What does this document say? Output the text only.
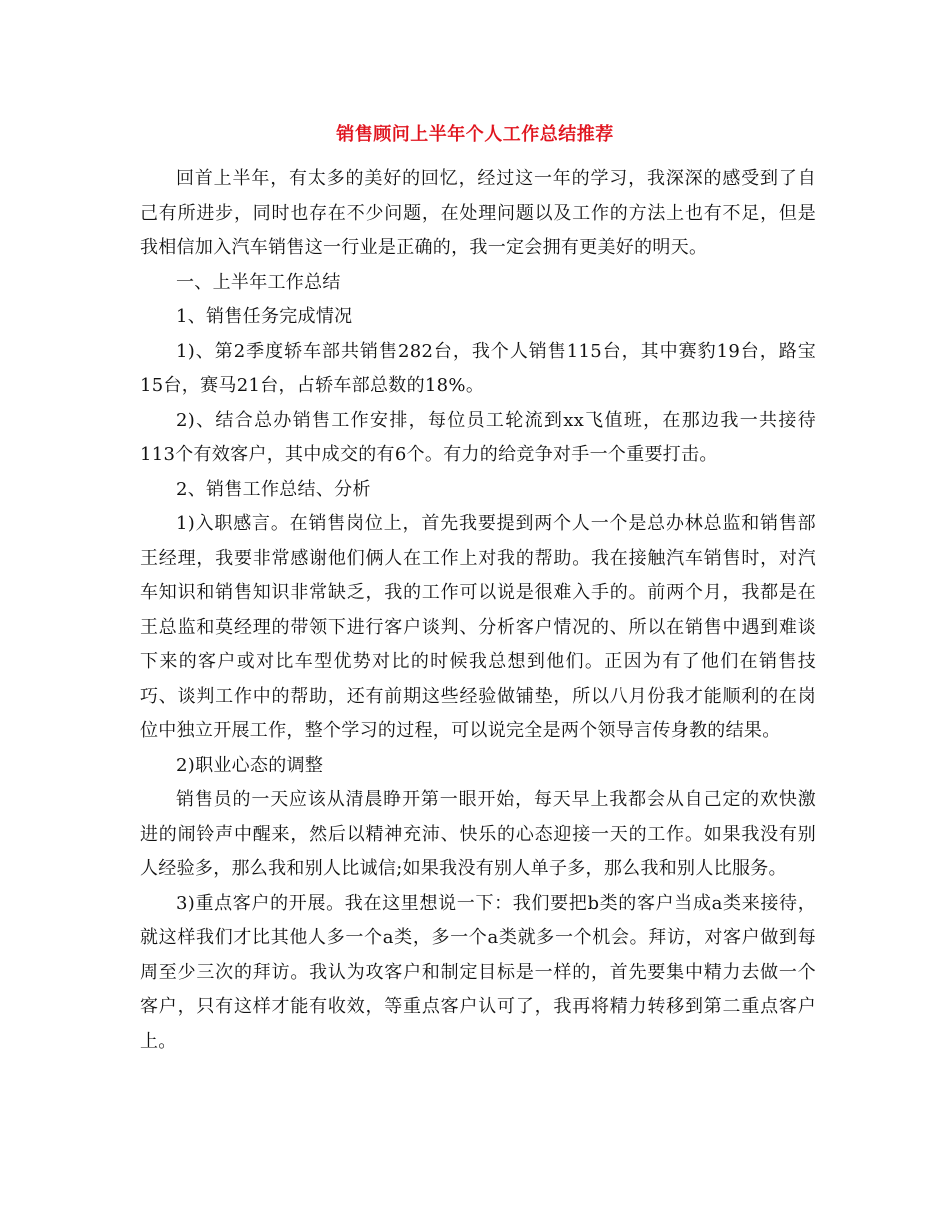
销售顾问上半年个人工作总结推荐

回首上半年，有太多的美好的回忆，经过这一年的学习，我深深的感受到了自己有所进步，同时也存在不少问题，在处理问题以及工作的方法上也有不足，但是我相信加入汽车销售这一行业是正确的，我一定会拥有更美好的明天。

一、上半年工作总结

1、销售任务完成情况

1)、第2季度轿车部共销售282台，我个人销售115台，其中赛豹19台，路宝15台，赛马21台，占轿车部总数的18%。

2)、结合总办销售工作安排，每位员工轮流到xx飞值班，在那边我一共接待113个有效客户，其中成交的有6个。有力的给竞争对手一个重要打击。

2、销售工作总结、分析

1)入职感言。在销售岗位上，首先我要提到两个人一个是总办林总监和销售部王经理，我要非常感谢他们俩人在工作上对我的帮助。我在接触汽车销售时，对汽车知识和销售知识非常缺乏，我的工作可以说是很难入手的。前两个月，我都是在王总监和莫经理的带领下进行客户谈判、分析客户情况的、所以在销售中遇到难谈下来的客户或对比车型优势对比的时候我总想到他们。正因为有了他们在销售技巧、谈判工作中的帮助，还有前期这些经验做铺垫，所以八月份我才能顺利的在岗位中独立开展工作，整个学习的过程，可以说完全是两个领导言传身教的结果。

2)职业心态的调整

销售员的一天应该从清晨睁开第一眼开始，每天早上我都会从自己定的欢快激进的闹铃声中醒来，然后以精神充沛、快乐的心态迎接一天的工作。如果我没有别人经验多，那么我和别人比诚信;如果我没有别人单子多，那么我和别人比服务。

3)重点客户的开展。我在这里想说一下：我们要把b类的客户当成a类来接待，就这样我们才比其他人多一个a类，多一个a类就多一个机会。拜访，对客户做到每周至少三次的拜访。我认为攻客户和制定目标是一样的，首先要集中精力去做一个客户，只有这样才能有收效，等重点客户认可了，我再将精力转移到第二重点客户上。
